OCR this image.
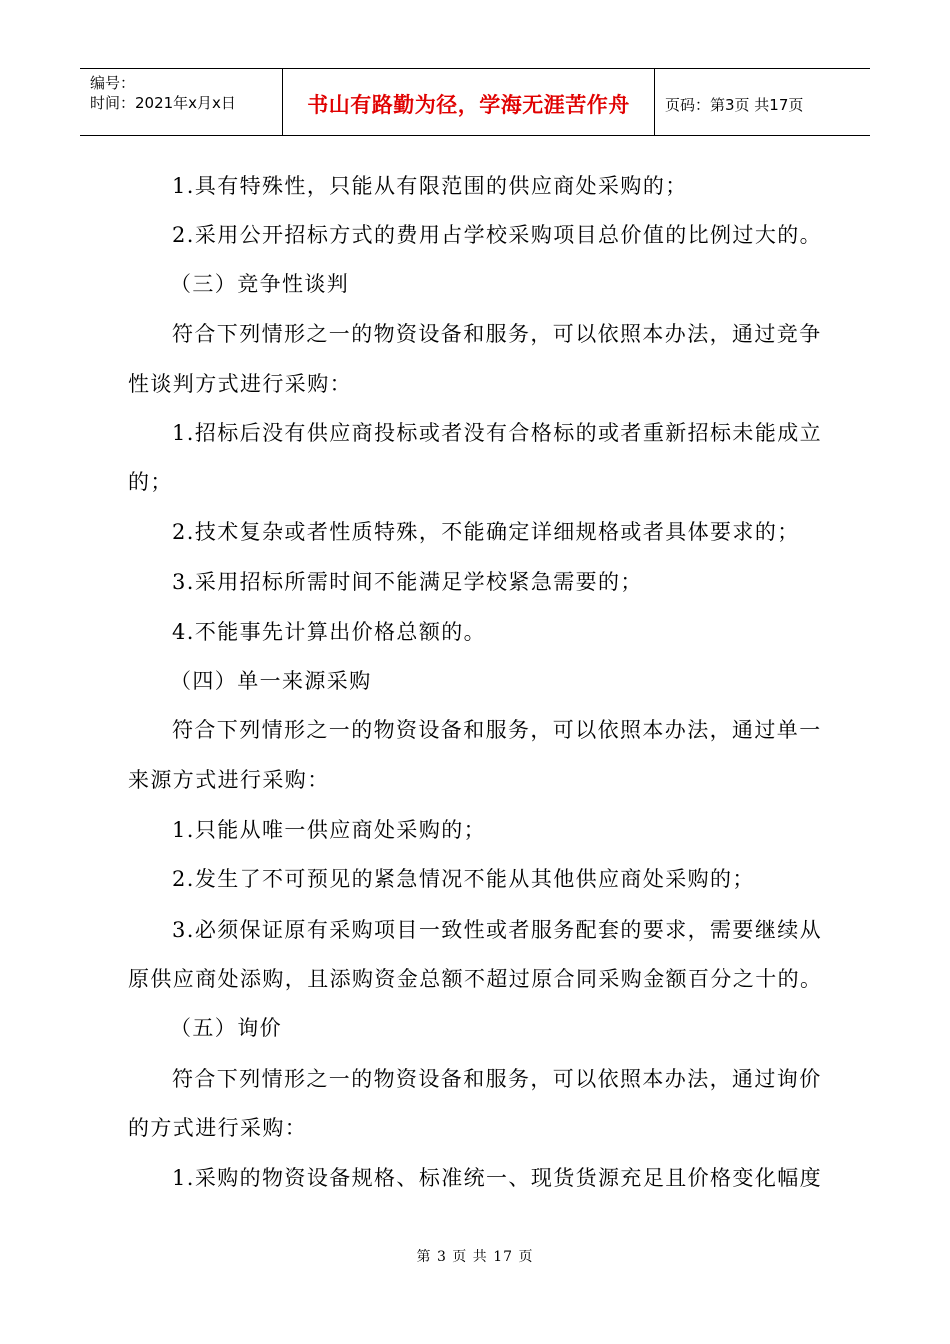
编号：
时间：2021年x月x日	书山有路勤为径，学海无涯苦作舟	页码：第3页 共17页
1.具有特殊性，只能从有限范围的供应商处采购的；
2.采用公开招标方式的费用占学校采购项目总价值的比例过大的。
（三）竞争性谈判
符合下列情形之一的物资设备和服务，可以依照本办法，通过竞争
性谈判方式进行采购：
1.招标后没有供应商投标或者没有合格标的或者重新招标未能成立
的；
2.技术复杂或者性质特殊，不能确定详细规格或者具体要求的；
3.采用招标所需时间不能满足学校紧急需要的；
4.不能事先计算出价格总额的。
（四）单一来源采购
符合下列情形之一的物资设备和服务，可以依照本办法，通过单一
来源方式进行采购：
1.只能从唯一供应商处采购的；
2.发生了不可预见的紧急情况不能从其他供应商处采购的；
3.必须保证原有采购项目一致性或者服务配套的要求，需要继续从
原供应商处添购，且添购资金总额不超过原合同采购金额百分之十的。
（五）询价
符合下列情形之一的物资设备和服务，可以依照本办法，通过询价
的方式进行采购：
1.采购的物资设备规格、标准统一、现货货源充足且价格变化幅度
第 3 页 共 17 页
